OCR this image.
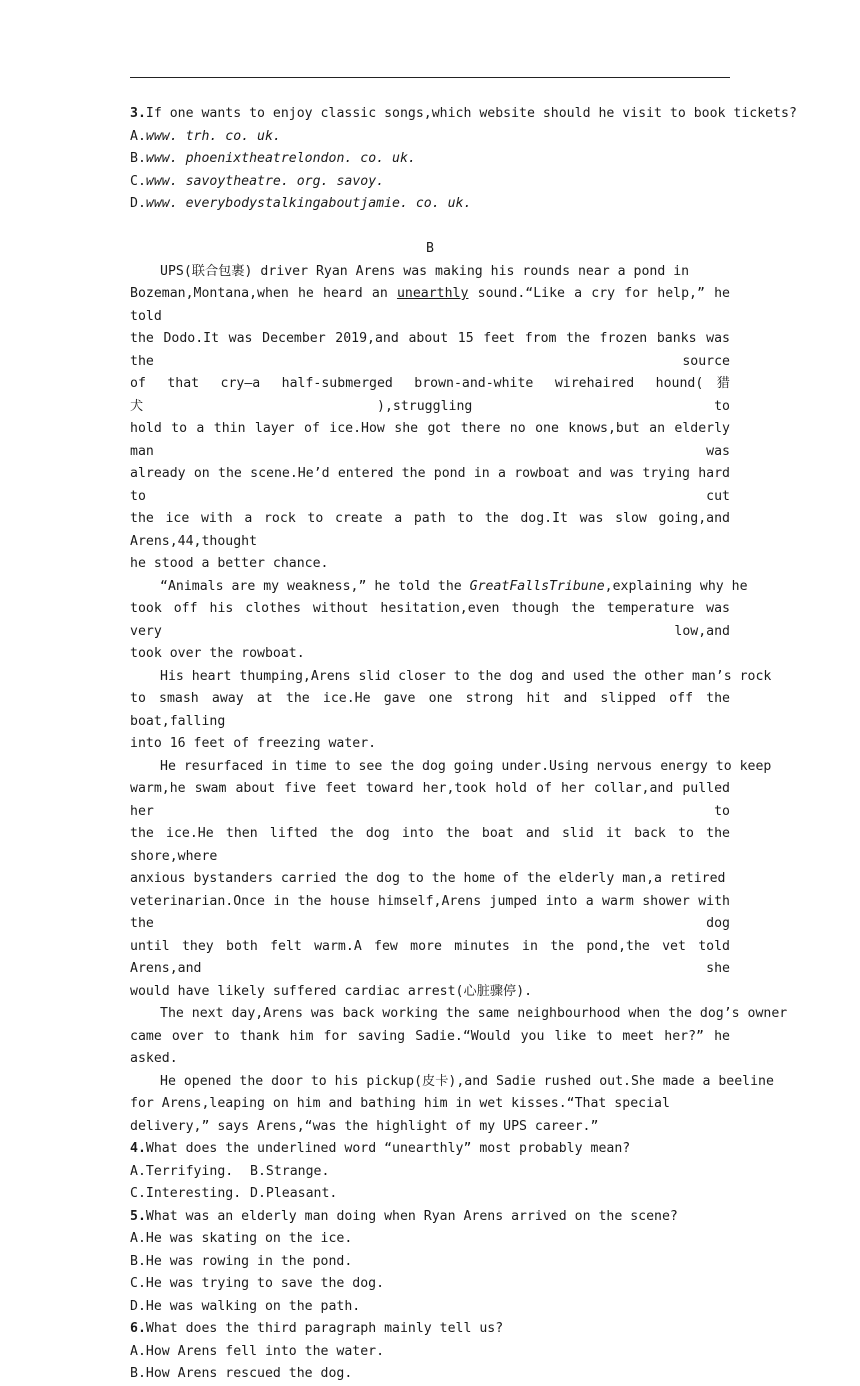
3.If one wants to enjoy classic songs,which website should he visit to book tickets?
A.www. trh. co. uk.
B.www. phoenixtheatrelondon. co. uk.
C.www. savoytheatre. org. savoy.
D.www. everybodystalkingaboutjamie. co. uk.
B
UPS(联合包裹) driver Ryan Arens was making his rounds near a pond in
Bozeman,Montana,when he heard an unearthly sound.“Like a cry for help,” he told
the Dodo.It was December 2019,and about 15 feet from the frozen banks was the source
of that cry—a half-submerged brown-and-white wirehaired hound(猎犬),struggling to
hold to a thin layer of ice.How she got there no one knows,but an elderly man was
already on the scene.He’d entered the pond in a rowboat and was trying hard to cut
the ice with a rock to create a path to the dog.It was slow going,and Arens,44,thought
he stood a better chance.
“Animals are my weakness,” he told the GreatFallsTribune,explaining why he
took off his clothes without hesitation,even though the temperature was very low,and
took over the rowboat.
His heart thumping,Arens slid closer to the dog and used the other man’s rock
to smash away at the ice.He gave one strong hit and slipped off the boat,falling
into 16 feet of freezing water.
He resurfaced in time to see the dog going under.Using nervous energy to keep
warm,he swam about five feet toward her,took hold of her collar,and pulled her to
the ice.He then lifted the dog into the boat and slid it back to the shore,where
anxious bystanders carried the dog to the home of the elderly man,a retired
veterinarian.Once in the house himself,Arens jumped into a warm shower with the dog
until they both felt warm.A few more minutes in the pond,the vet told Arens,and she
would have likely suffered cardiac arrest(心脏骤停).
The next day,Arens was back working the same neighbourhood when the dog’s owner
came over to thank him for saving Sadie.“Would you like to meet her?” he asked.
He opened the door to his pickup(皮卡),and Sadie rushed out.She made a beeline
for Arens,leaping on him and bathing him in wet kisses.“That special
delivery,” says Arens,“was the highlight of my UPS career.”
4.What does the underlined word “unearthly” most probably mean?
A.Terrifying. B.Strange.
C.Interesting. D.Pleasant.
5.What was an elderly man doing when Ryan Arens arrived on the scene?
A.He was skating on the ice.
B.He was rowing in the pond.
C.He was trying to save the dog.
D.He was walking on the path.
6.What does the third paragraph mainly tell us?
A.How Arens fell into the water.
B.How Arens rescued the dog.
